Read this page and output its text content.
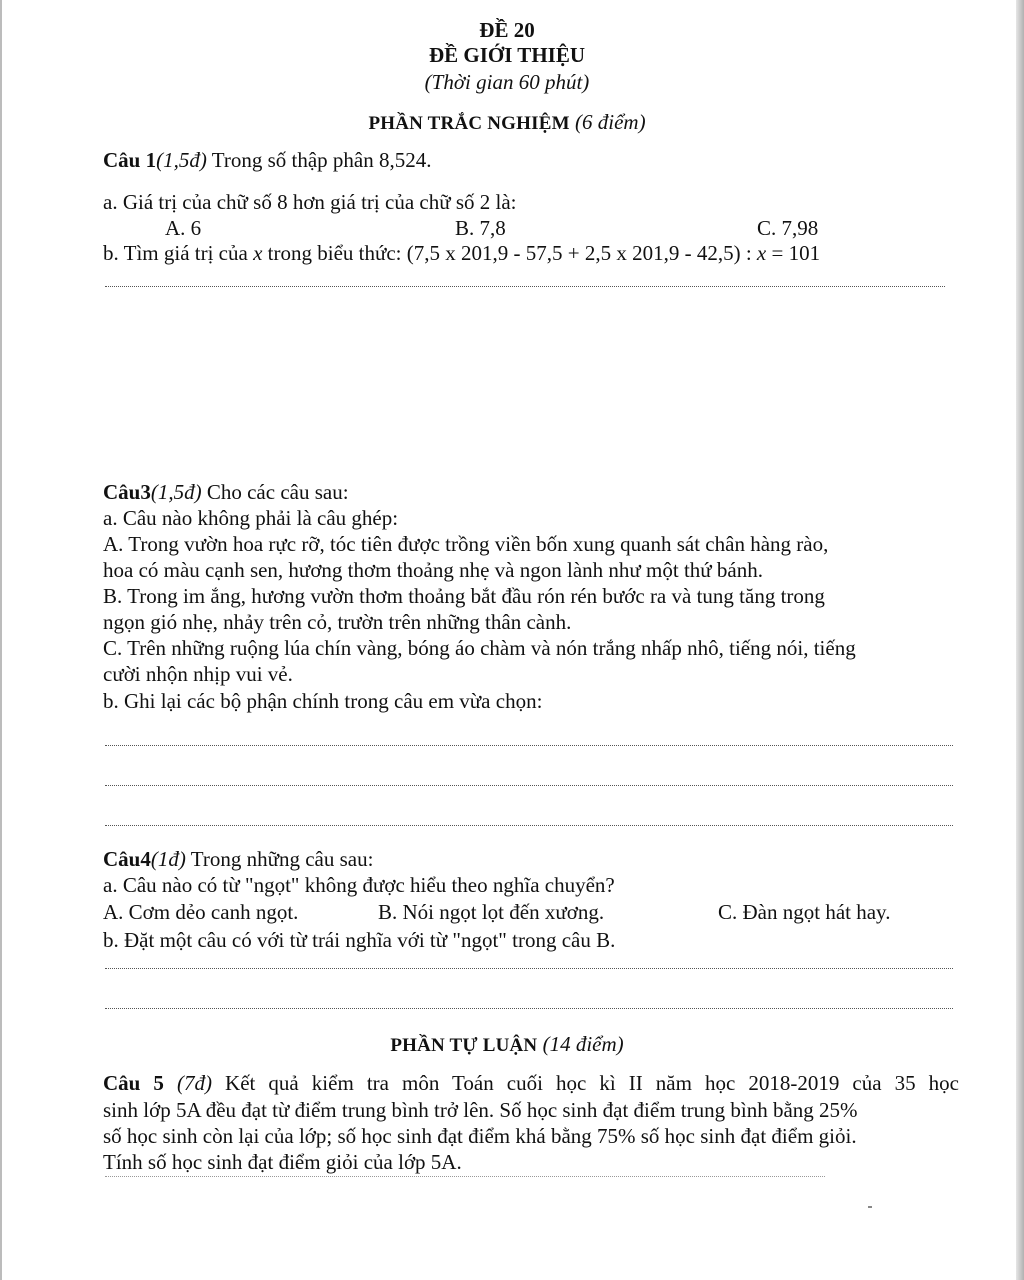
ĐỀ 20
ĐỀ GIỚI THIỆU
(Thời gian 60 phút)
PHẦN TRẮC NGHIỆM (6 điểm)
Câu 1(1,5đ) Trong số thập phân 8,524.
a. Giá trị của chữ số 8 hơn giá trị của chữ số 2 là:
A. 6	B. 7,8	C. 7,98
b. Tìm giá trị của x trong biểu thức: (7,5 x 201,9 - 57,5 + 2,5 x 201,9 - 42,5) : x = 101
Câu3(1,5đ) Cho các câu sau:
a. Câu nào không phải là câu ghép:
A. Trong vườn hoa rực rỡ, tóc tiên được trồng viền bốn xung quanh sát chân hàng rào,
hoa có màu cạnh sen, hương thơm thoảng nhẹ và ngon lành như một thứ bánh.
B. Trong im ắng, hương vườn thơm thoảng bắt đầu rón rén bước ra và tung tăng trong
ngọn gió nhẹ, nhảy trên cỏ, trườn trên những thân cành.
C. Trên những ruộng lúa chín vàng, bóng áo chàm và nón trắng nhấp nhô, tiếng nói, tiếng
cười nhộn nhịp vui vẻ.
b. Ghi lại các bộ phận chính trong câu em vừa chọn:
Câu4(1đ) Trong những câu sau:
a. Câu nào có từ "ngọt" không được hiểu theo nghĩa chuyển?
A. Cơm dẻo canh ngọt.	B. Nói ngọt lọt đến xương.	C. Đàn ngọt hát hay.
b. Đặt một câu có với từ trái nghĩa với từ "ngọt" trong câu B.
PHẦN TỰ LUẬN (14 điểm)
Câu 5 (7đ) Kết quả kiểm tra môn Toán cuối học kì II năm học 2018-2019 của 35 học
sinh lớp 5A đều đạt từ điểm trung bình trở lên. Số học sinh đạt điểm trung bình bằng 25%
số học sinh còn lại của lớp; số học sinh đạt điểm khá bằng 75% số học sinh đạt điểm giỏi.
Tính số học sinh đạt điểm giỏi của lớp 5A.
